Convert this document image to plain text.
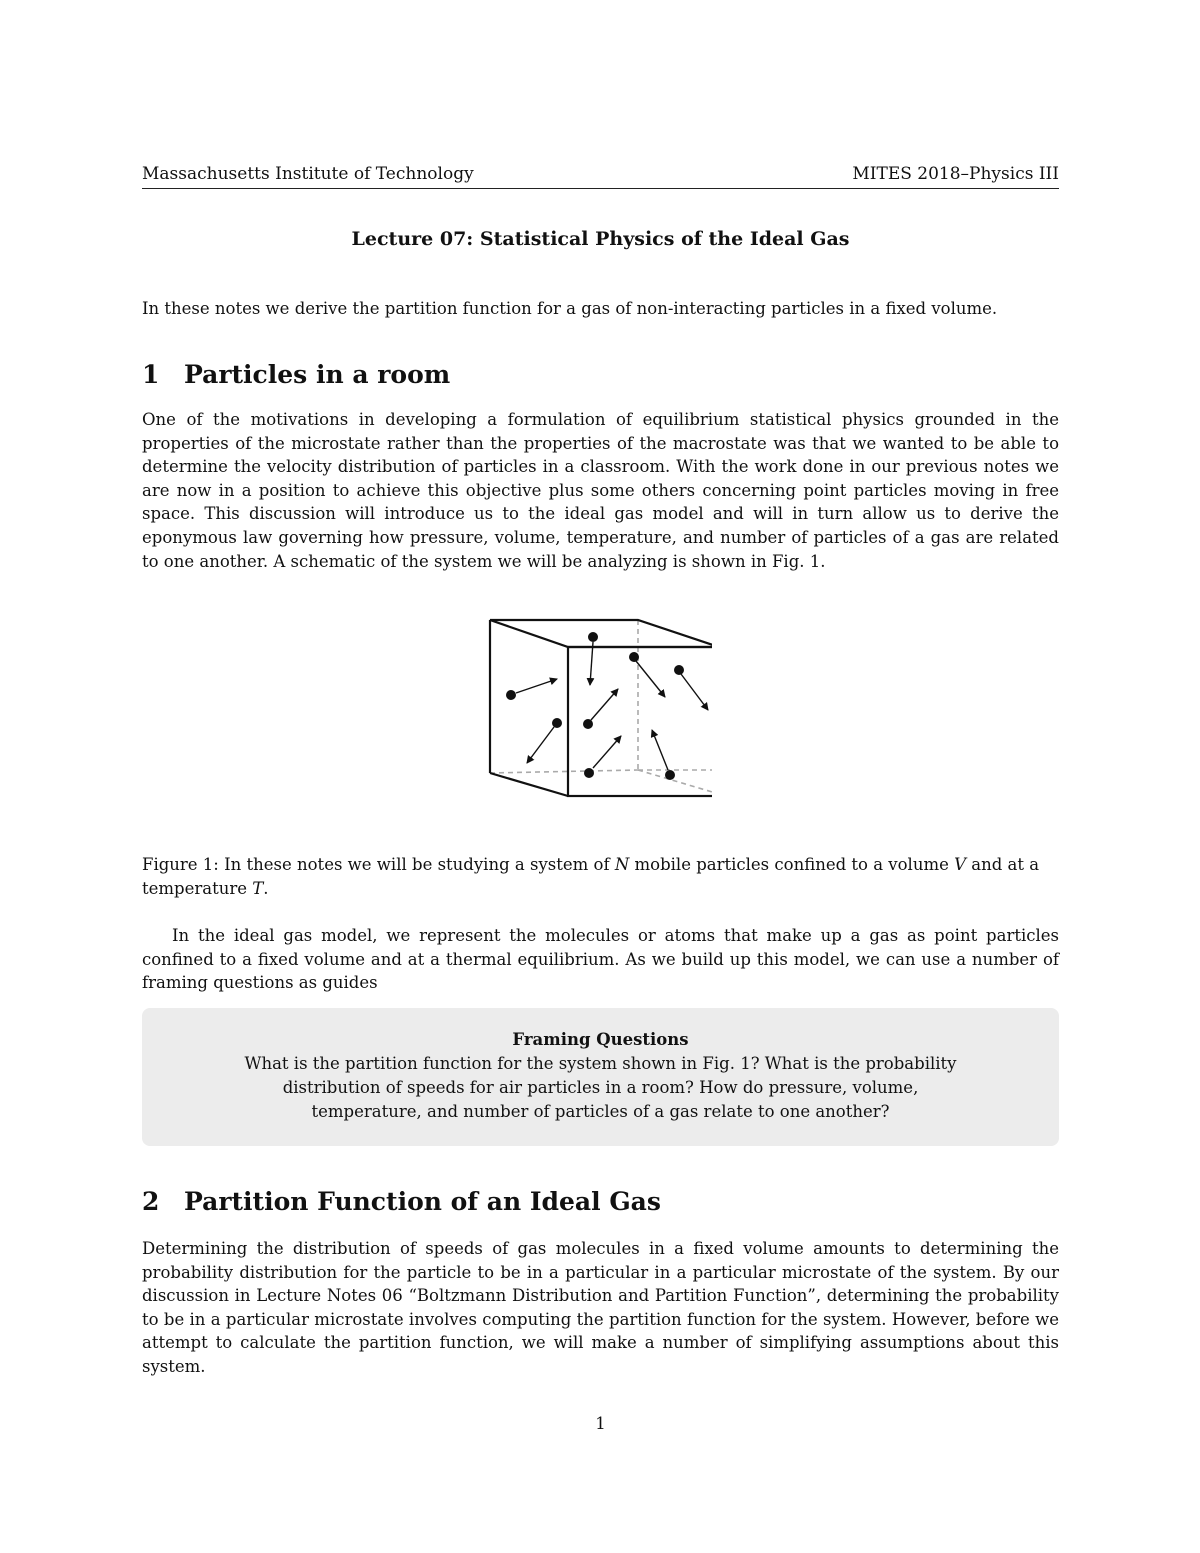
Massachusetts Institute of Technology	MITES 2018–Physics III
Lecture 07: Statistical Physics of the Ideal Gas
In these notes we derive the partition function for a gas of non-interacting particles in a fixed volume.
1 Particles in a room
One of the motivations in developing a formulation of equilibrium statistical physics grounded in the properties of the microstate rather than the properties of the macrostate was that we wanted to be able to determine the velocity distribution of particles in a classroom. With the work done in our previous notes we are now in a position to achieve this objective plus some others concerning point particles moving in free space. This discussion will introduce us to the ideal gas model and will in turn allow us to derive the eponymous law governing how pressure, volume, temperature, and number of particles of a gas are related to one another. A schematic of the system we will be analyzing is shown in Fig. 1.
Figure 1: In these notes we will be studying a system of N mobile particles confined to a volume V and at a temperature T.
In the ideal gas model, we represent the molecules or atoms that make up a gas as point particles confined to a fixed volume and at a thermal equilibrium. As we build up this model, we can use a number of framing questions as guides
Framing Questions
What is the partition function for the system shown in Fig. 1? What is the probability
distribution of speeds for air particles in a room? How do pressure, volume,
temperature, and number of particles of a gas relate to one another?
2 Partition Function of an Ideal Gas
Determining the distribution of speeds of gas molecules in a fixed volume amounts to determining the probability distribution for the particle to be in a particular in a particular microstate of the system. By our discussion in Lecture Notes 06 “Boltzmann Distribution and Partition Function”, determining the probability to be in a particular microstate involves computing the partition function for the system. However, before we attempt to calculate the partition function, we will make a number of simplifying assumptions about this system.
1
